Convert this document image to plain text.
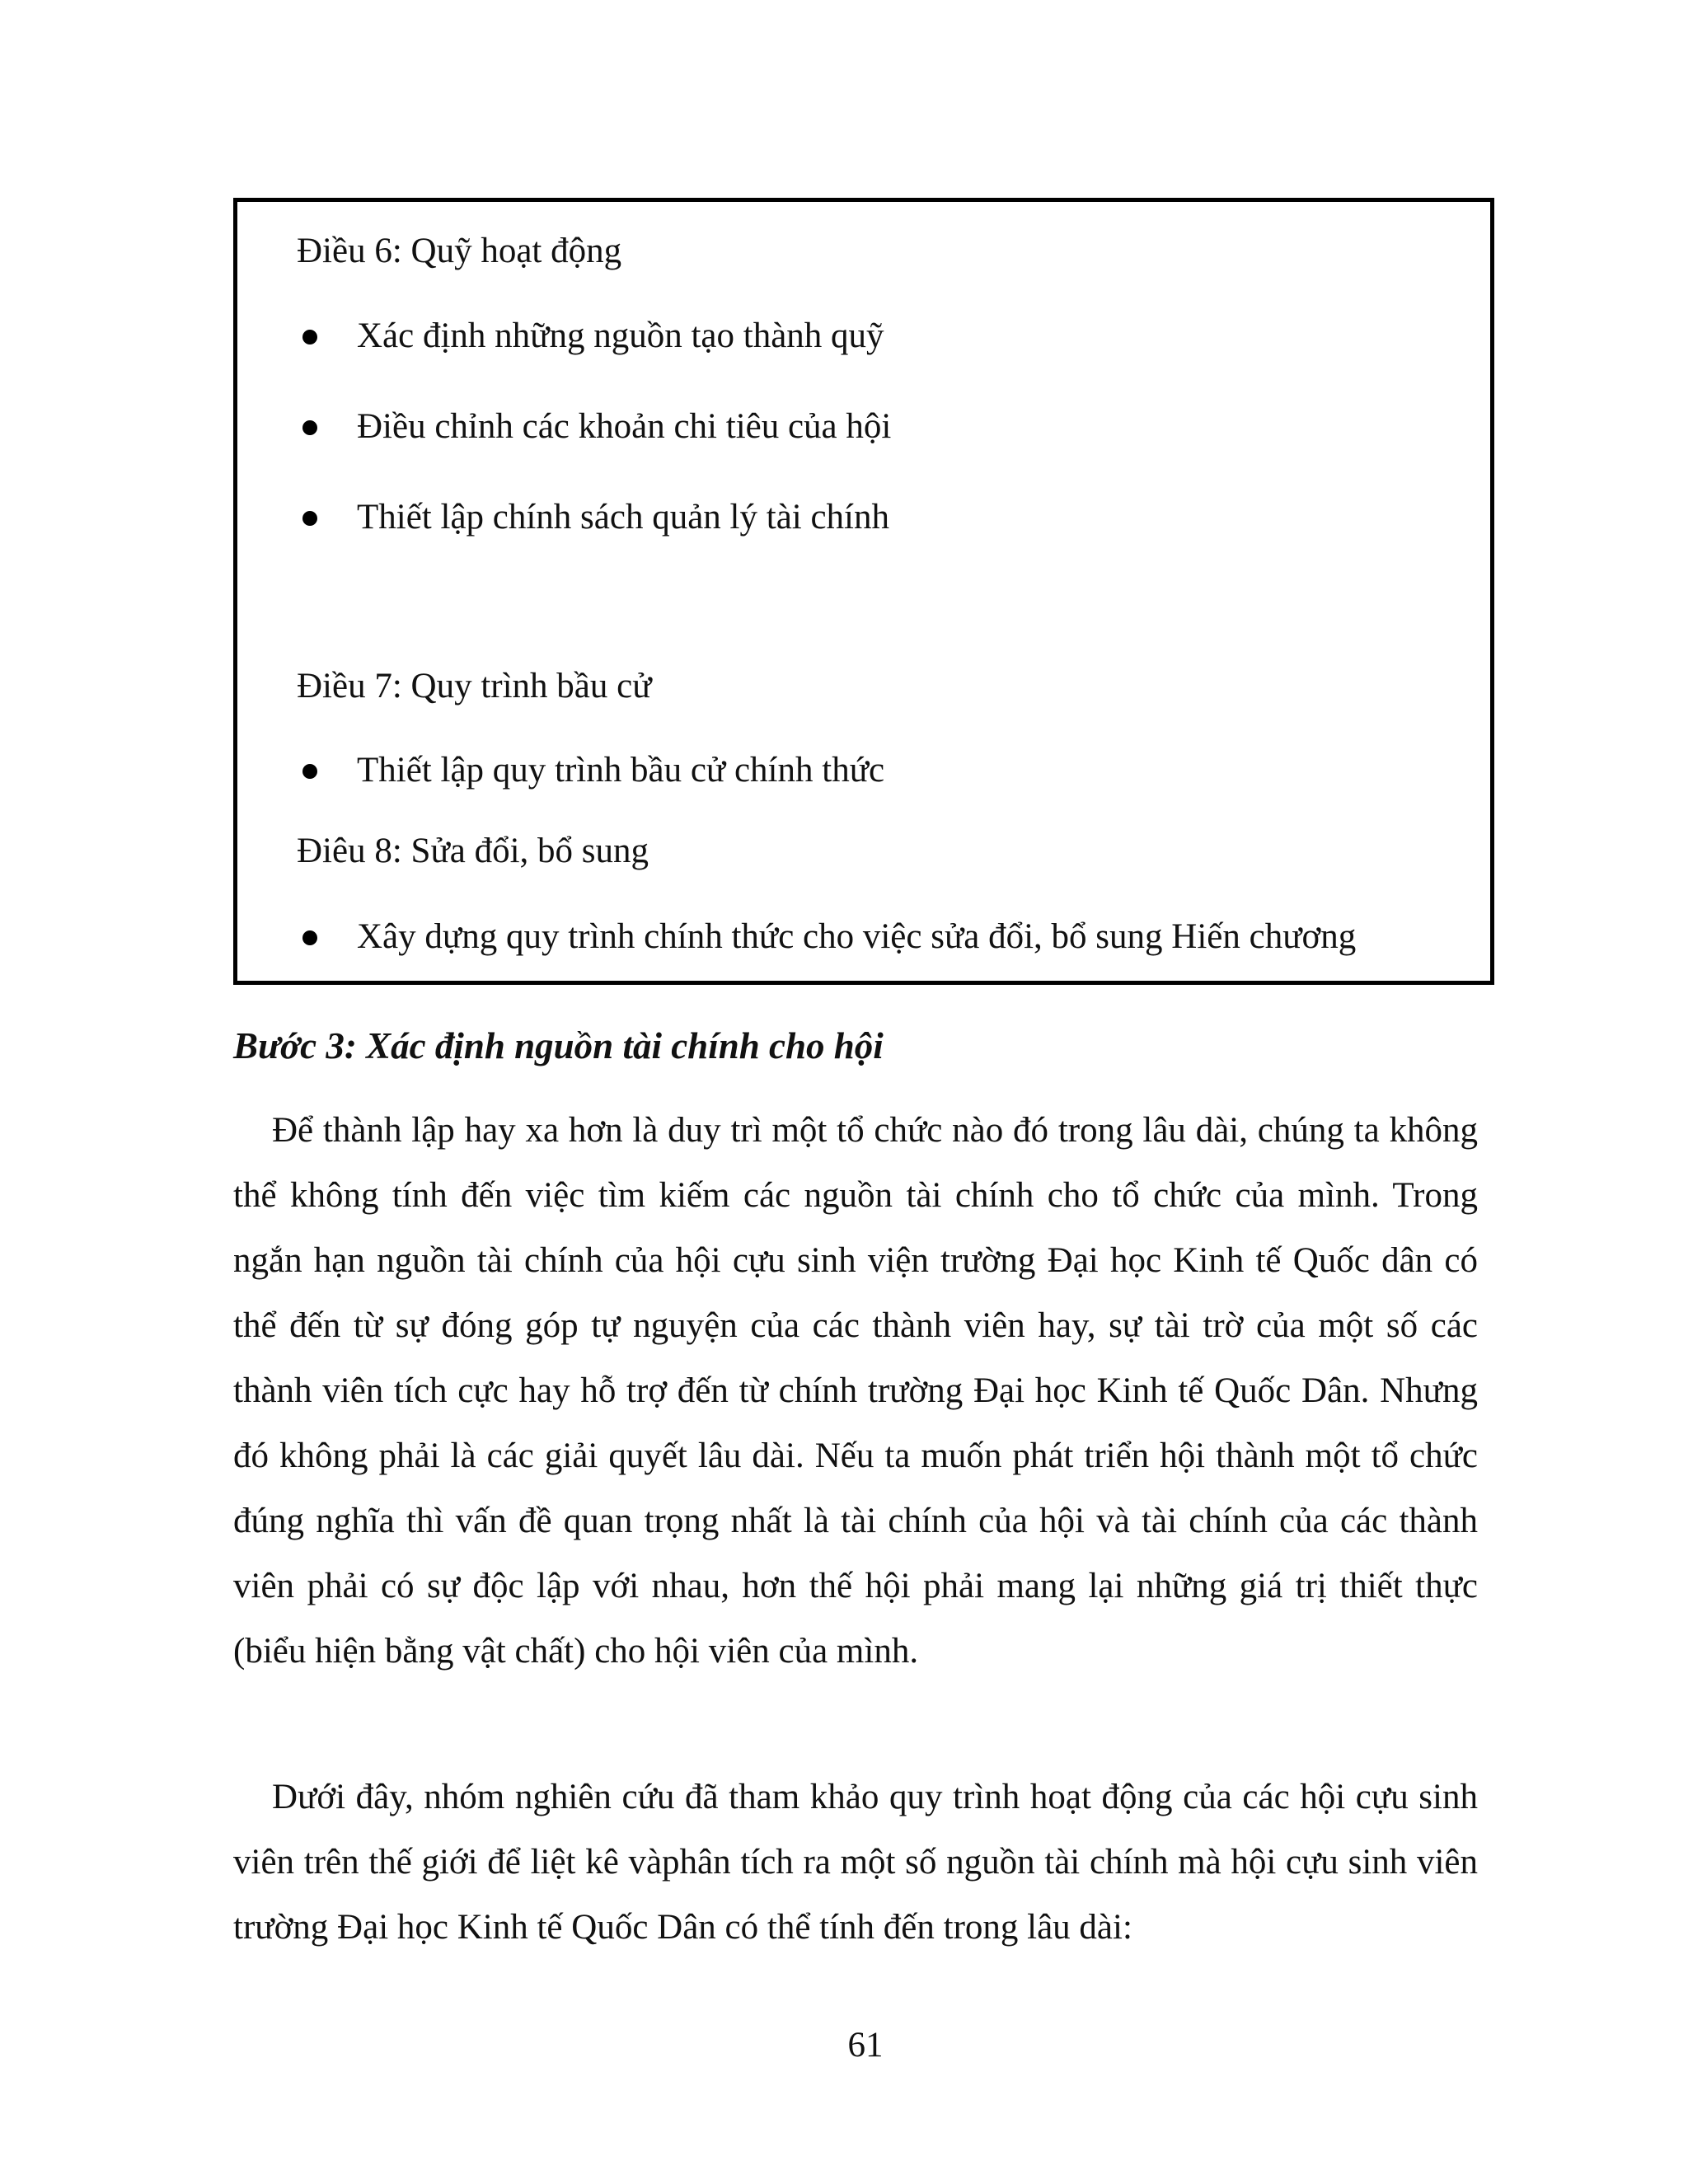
Điều 6: Quỹ hoạt động
Xác định những nguồn tạo thành quỹ
Điều chỉnh các khoản chi tiêu của hội
Thiết lập chính sách quản lý tài chính
Điều 7: Quy trình bầu cử
Thiết lập quy trình bầu cử chính thức
Điêu 8: Sửa đổi, bổ sung
Xây dựng quy trình chính thức cho việc sửa đổi, bổ sung Hiến chương
Bước 3: Xác định nguồn tài chính cho hội

Để thành lập hay xa hơn là duy trì một tổ chức nào đó trong lâu dài, chúng ta không thể không tính đến việc tìm kiếm các nguồn tài chính cho tổ chức của mình. Trong ngắn hạn nguồn tài chính của hội cựu sinh viện trường Đại học Kinh tế Quốc dân có thể đến từ sự đóng góp tự nguyện của các thành viên hay, sự tài trờ của một số các thành viên tích cực hay hỗ trợ đến từ chính trường Đại học Kinh tế Quốc Dân. Nhưng đó không phải là các giải quyết lâu dài. Nếu ta muốn phát triển hội thành một tổ chức đúng nghĩa thì vấn đề quan trọng nhất là tài chính của hội và tài chính của các thành viên phải có sự độc lập với nhau, hơn thế hội phải mang lại những giá trị thiết thực (biểu hiện bằng vật chất) cho hội viên của mình.

Dưới đây, nhóm nghiên cứu đã tham khảo quy trình hoạt động của các hội cựu sinh viên trên thế giới để liệt kê vàphân tích ra một số nguồn tài chính mà hội cựu sinh viên trường Đại học Kinh tế Quốc Dân có thể tính đến trong lâu dài:

61
